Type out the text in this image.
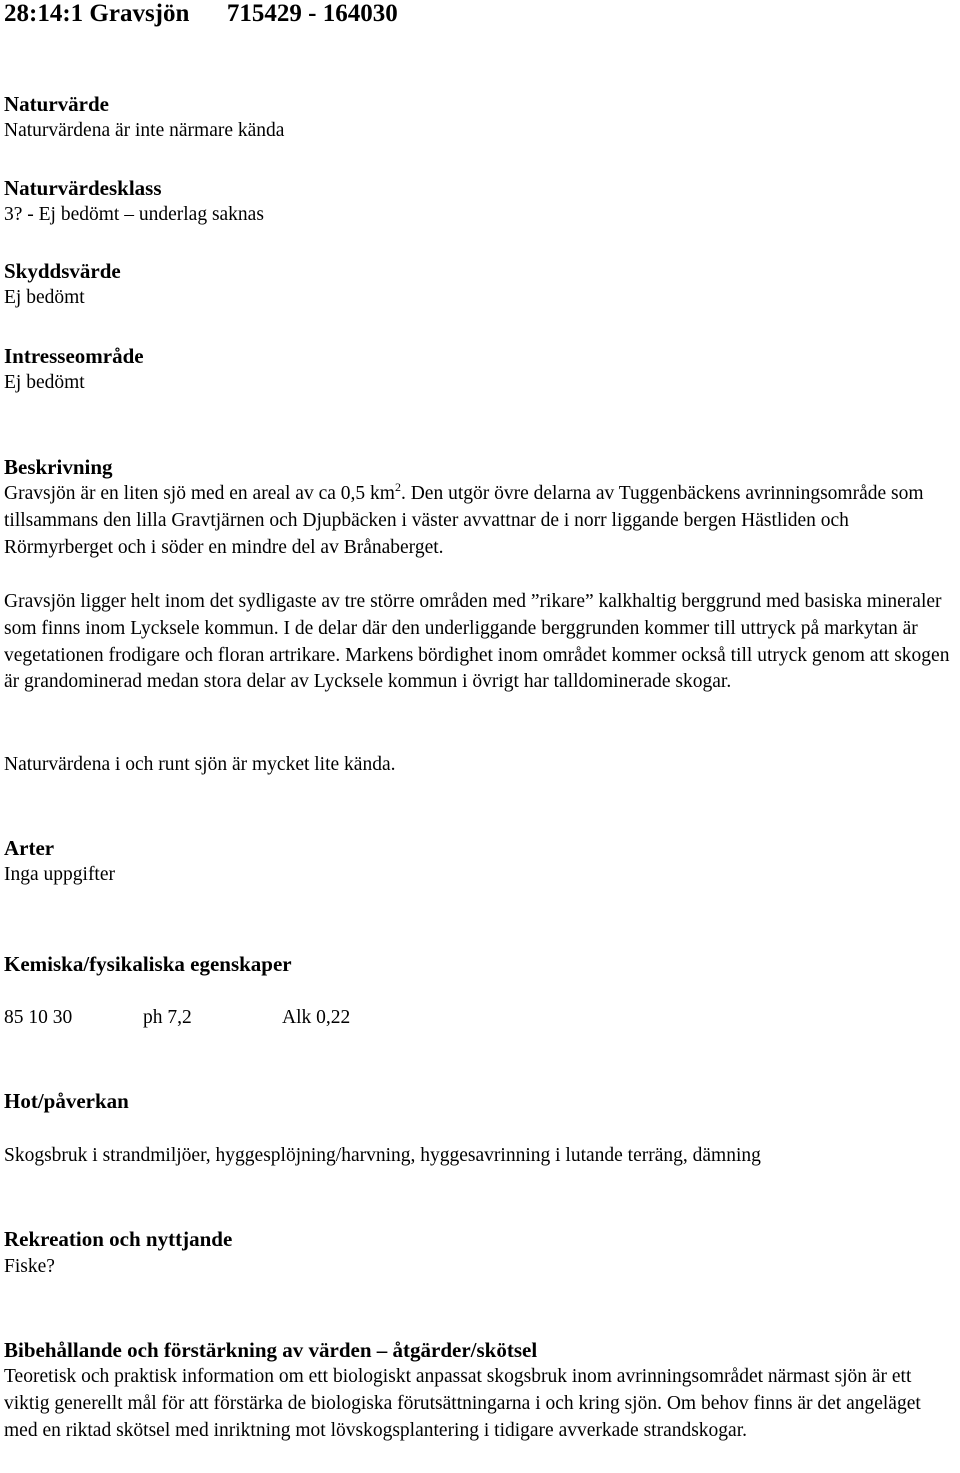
28:14:1 Gravsjön      715429 - 164030
Naturvärde

Naturvärdena är inte närmare kända

Naturvärdesklass

3? - Ej bedömt – underlag saknas

Skyddsvärde

Ej bedömt

Intresseområde

Ej bedömt

Beskrivning

Gravsjön är en liten sjö med en areal av ca 0,5 $km^2$. Den utgör övre delarna av Tuggenbäckens avrinningsområde som tillsammans den lilla Gravtjärnen och Djupbäcken i väster avvattnar de i norr liggande bergen Hästliden och Rörmyrberget och i söder en mindre del av Brånaberget.

Gravsjön ligger helt inom det sydligaste av tre större områden med ”rikare” kalkhaltig berggrund med basiska mineraler som finns inom Lycksele kommun. I de delar där den underliggande berggrunden kommer till uttryck på markytan är vegetationen frodigare och floran artrikare. Markens bördighet inom området kommer också till utryck genom att skogen är grandominerad medan stora delar av Lycksele kommun i övrigt har talldominerade skogar.

Naturvärdena i och runt sjön är mycket lite kända.

Arter

Inga uppgifter

Kemiska/fysikaliska egenskaper

85 10 30	ph 7,2	Alk 0,22

Hot/påverkan

Skogsbruk i strandmiljöer, hyggesplöjning/harvning, hyggesavrinning i lutande terräng, dämning

Rekreation och nyttjande

Fiske?

Bibehållande och förstärkning av värden – åtgärder/skötsel

Teoretisk och praktisk information om ett biologiskt anpassat skogsbruk inom avrinningsområdet närmast sjön är ett viktig generellt mål för att förstärka de biologiska förutsättningarna i och kring sjön. Om behov finns är det angeläget med en riktad skötsel med inriktning mot lövskogsplantering i tidigare avverkade strandskogar.
